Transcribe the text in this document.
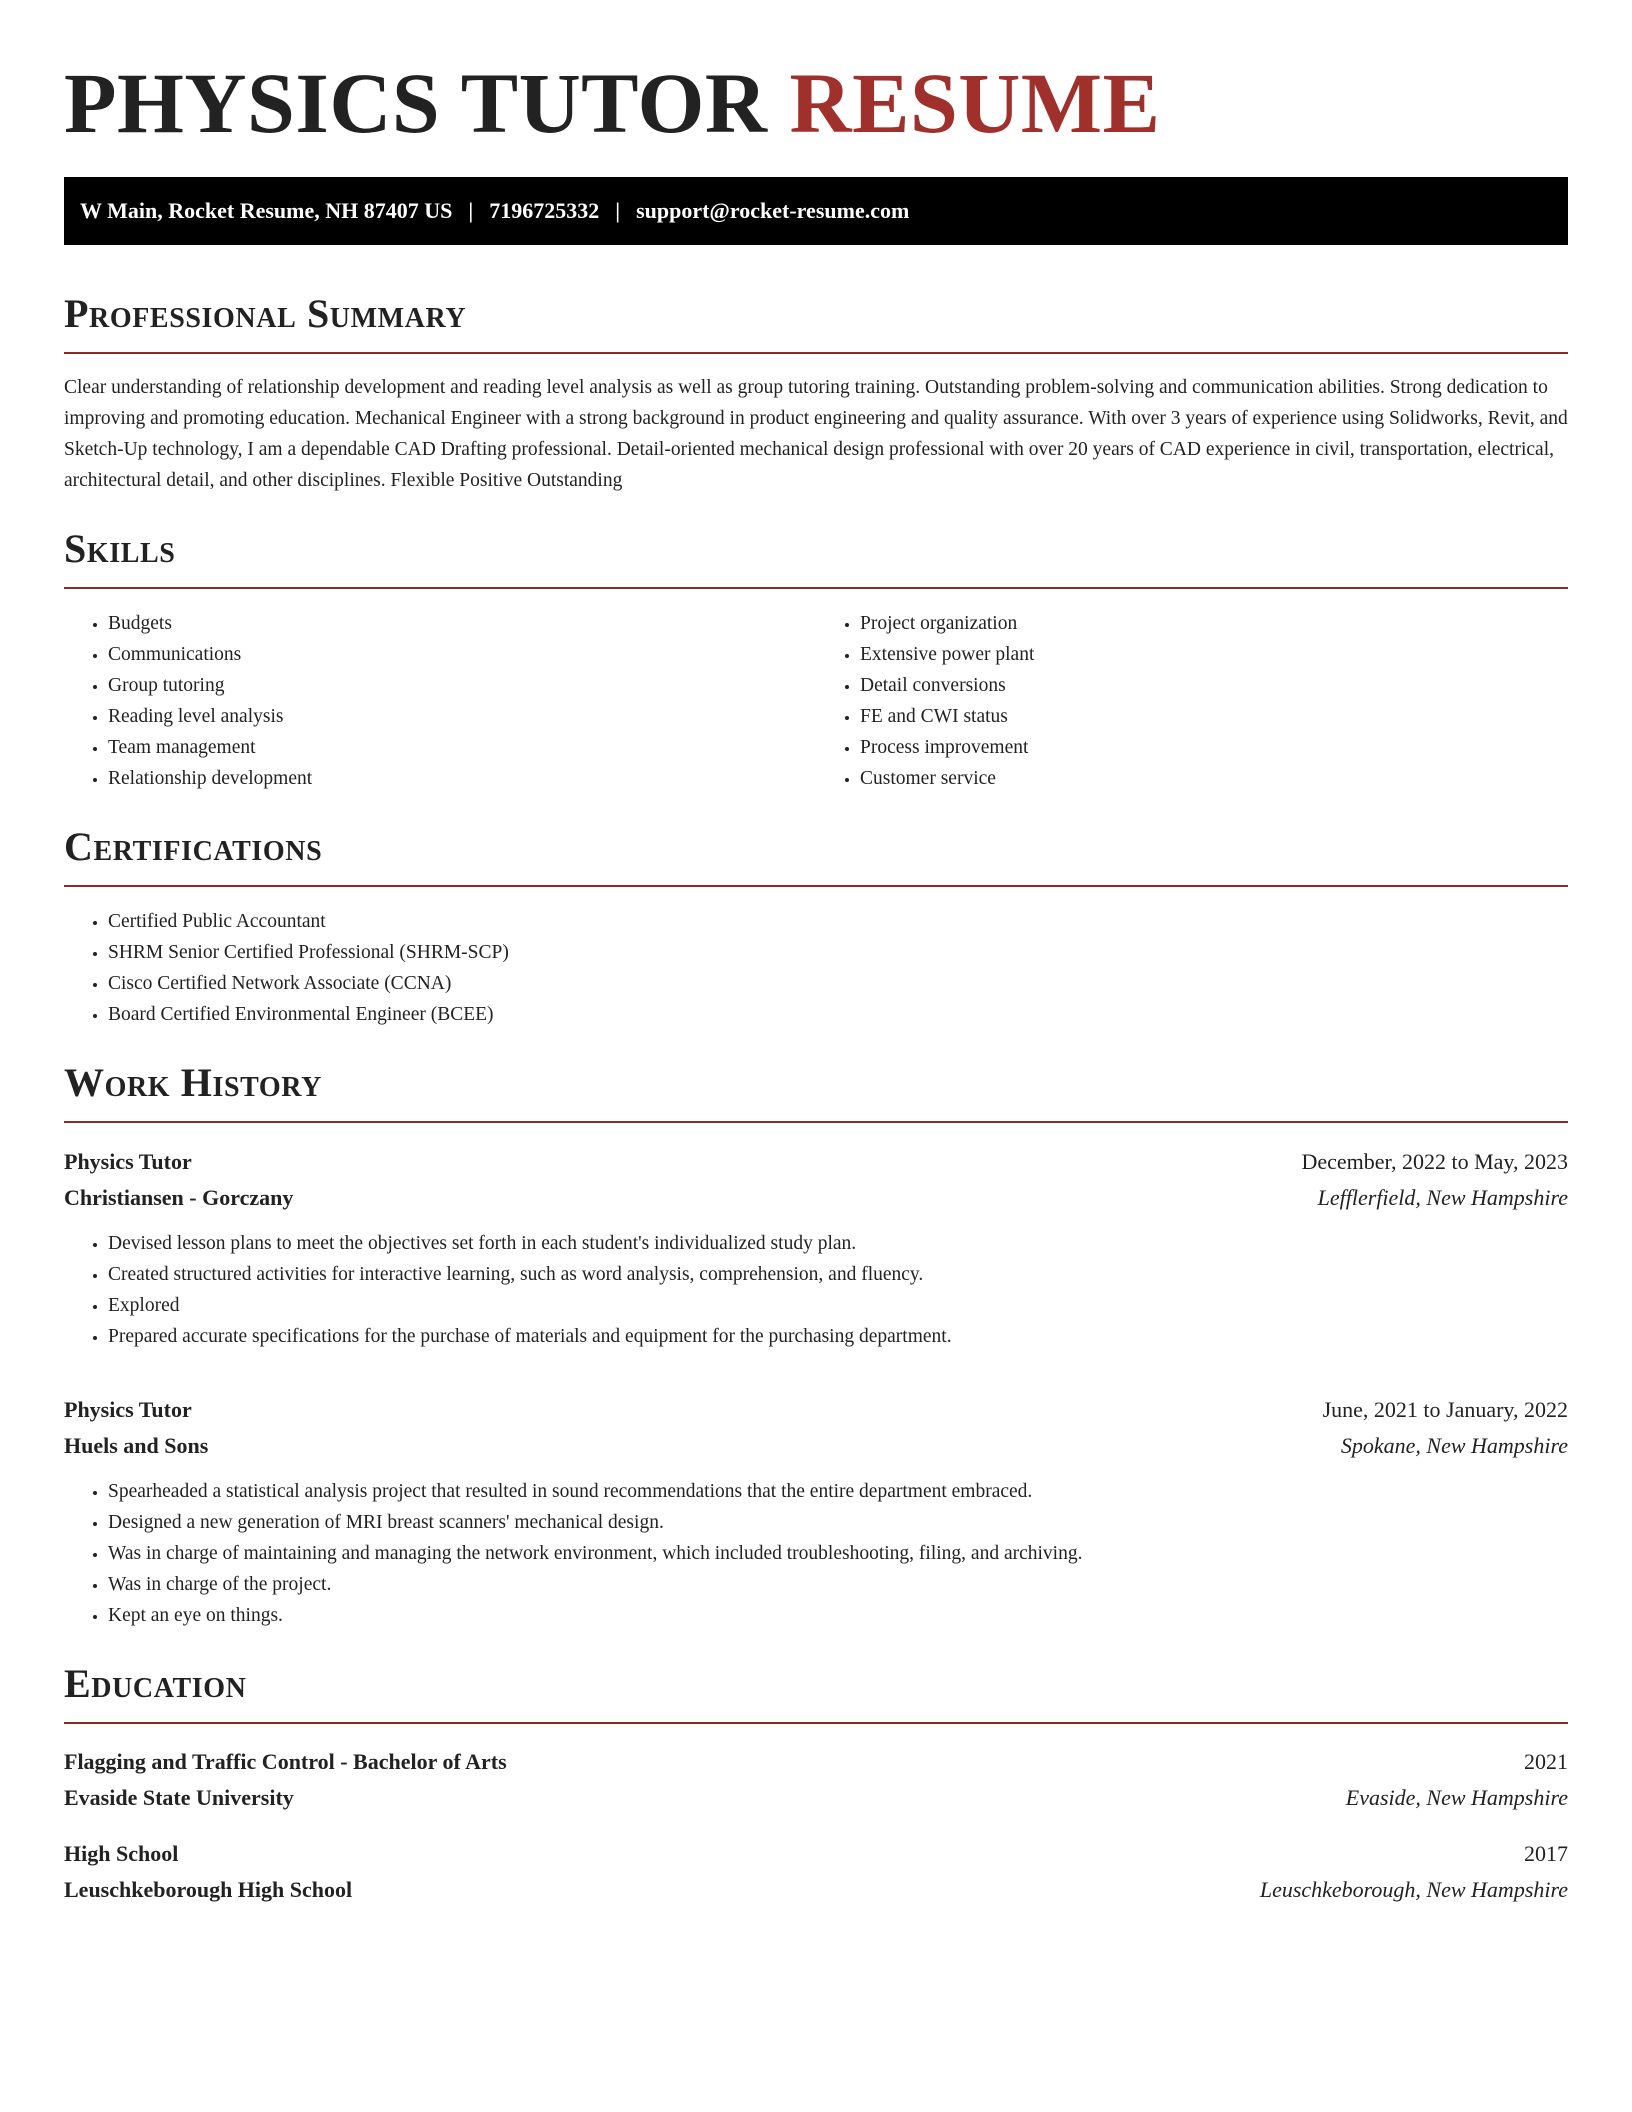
PHYSICS TUTOR RESUME
W Main, Rocket Resume, NH 87407 US | 7196725332 | support@rocket-resume.com
Professional Summary

Clear understanding of relationship development and reading level analysis as well as group tutoring training. Outstanding problem-solving and communication abilities. Strong dedication to improving and promoting education. Mechanical Engineer with a strong background in product engineering and quality assurance. With over 3 years of experience using Solidworks, Revit, and Sketch-Up technology, I am a dependable CAD Drafting professional. Detail-oriented mechanical design professional with over 20 years of CAD experience in civil, transportation, electrical, architectural detail, and other disciplines. Flexible Positive Outstanding

Skills
• Budgets
• Communications
• Group tutoring
• Reading level analysis
• Team management
• Relationship development
• Project organization
• Extensive power plant
• Detail conversions
• FE and CWI status
• Process improvement
• Customer service
Certifications
• Certified Public Accountant
• SHRM Senior Certified Professional (SHRM-SCP)
• Cisco Certified Network Associate (CCNA)
• Board Certified Environmental Engineer (BCEE)
Work History
Physics Tutor	December, 2022 to May, 2023
Christiansen - Gorczany	Lefflerfield, New Hampshire
• Devised lesson plans to meet the objectives set forth in each student's individualized study plan.
• Created structured activities for interactive learning, such as word analysis, comprehension, and fluency.
• Explored
• Prepared accurate specifications for the purchase of materials and equipment for the purchasing department.
Physics Tutor	June, 2021 to January, 2022
Huels and Sons	Spokane, New Hampshire
• Spearheaded a statistical analysis project that resulted in sound recommendations that the entire department embraced.
• Designed a new generation of MRI breast scanners' mechanical design.
• Was in charge of maintaining and managing the network environment, which included troubleshooting, filing, and archiving.
• Was in charge of the project.
• Kept an eye on things.
Education
Flagging and Traffic Control - Bachelor of Arts	2021
Evaside State University	Evaside, New Hampshire
High School	2017
Leuschkeborough High School	Leuschkeborough, New Hampshire
